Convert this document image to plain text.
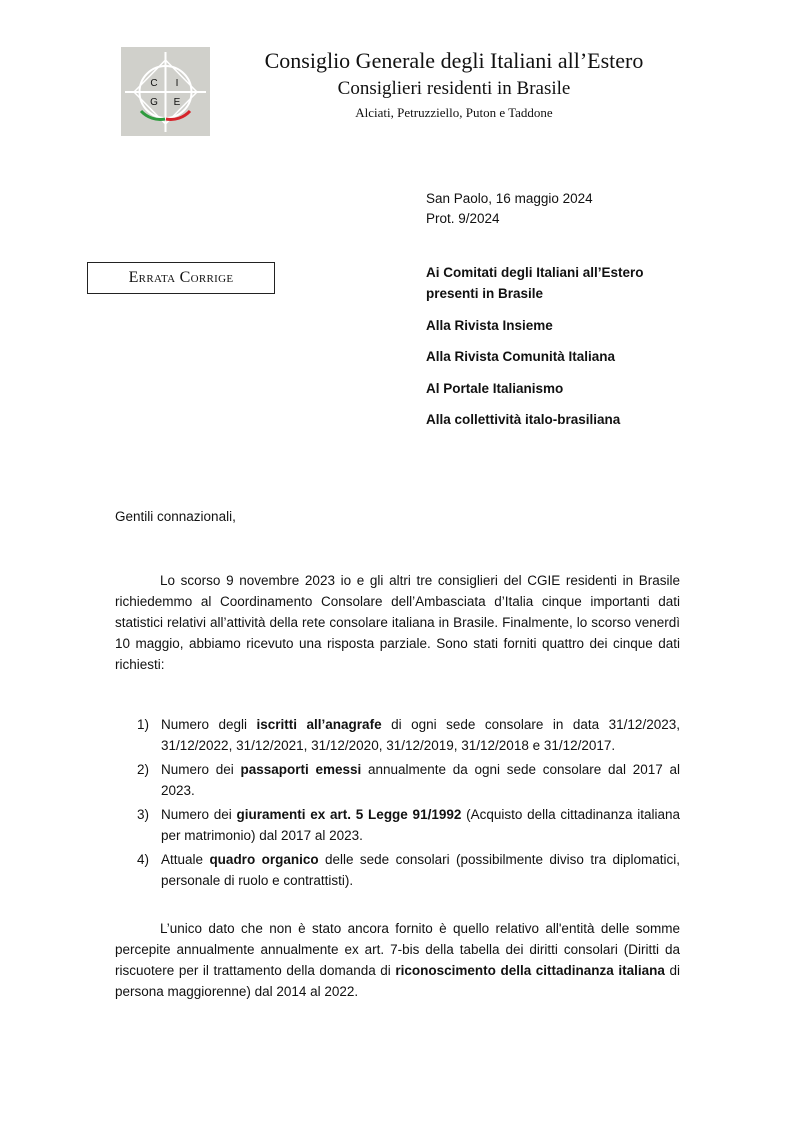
C I
G E
Consiglio Generale degli Italiani all’Estero
Consiglieri residenti in Brasile
Alciati, Petruzziello, Puton e Taddone
San Paolo, 16 maggio 2024
Prot. 9/2024
Errata Corrige	Ai Comitati degli Italiani all’Estero presenti in Brasile
Alla Rivista Insieme
Alla Rivista Comunità Italiana
Al Portale Italianismo
Alla collettività italo-brasiliana
Gentili connazionali,
Lo scorso 9 novembre 2023 io e gli altri tre consiglieri del CGIE residenti in Brasile richiedemmo al Coordinamento Consolare dell’Ambasciata d’Italia cinque importanti dati statistici relativi all’attività della rete consolare italiana in Brasile. Finalmente, lo scorso venerdì 10 maggio, abbiamo ricevuto una risposta parziale. Sono stati forniti quattro dei cinque dati richiesti:
1) Numero degli iscritti all’anagrafe di ogni sede consolare in data 31/12/2023, 31/12/2022, 31/12/2021, 31/12/2020, 31/12/2019, 31/12/2018 e 31/12/2017.
2) Numero dei passaporti emessi annualmente da ogni sede consolare dal 2017 al 2023.
3) Numero dei giuramenti ex art. 5 Legge 91/1992 (Acquisto della cittadinanza italiana per matrimonio) dal 2017 al 2023.
4) Attuale quadro organico delle sede consolari (possibilmente diviso tra diplomatici, personale di ruolo e contrattisti).
L’unico dato che non è stato ancora fornito è quello relativo all'entità delle somme percepite annualmente annualmente ex art. 7-bis della tabella dei diritti consolari (Diritti da riscuotere per il trattamento della domanda di riconoscimento della cittadinanza italiana di persona maggiorenne) dal 2014 al 2022.
